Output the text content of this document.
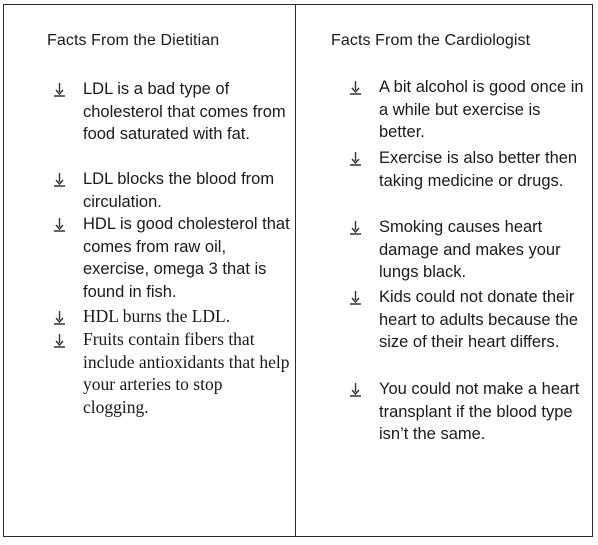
Facts From the Dietitian
LDL is a bad type of cholesterol that comes from food saturated with fat.
LDL blocks the blood from circulation.
HDL is good cholesterol that comes from raw oil, exercise, omega 3 that is found in fish.
HDL burns the LDL.
Fruits contain fibers that include antioxidants that help your arteries to stop clogging.
Facts From the Cardiologist
A bit alcohol is good once in a while but exercise is better.
Exercise is also better then taking medicine or drugs.
Smoking causes heart damage and makes your lungs black.
Kids could not donate their heart to adults because the size of their heart differs.
You could not make a heart transplant if the blood type isn’t the same.
